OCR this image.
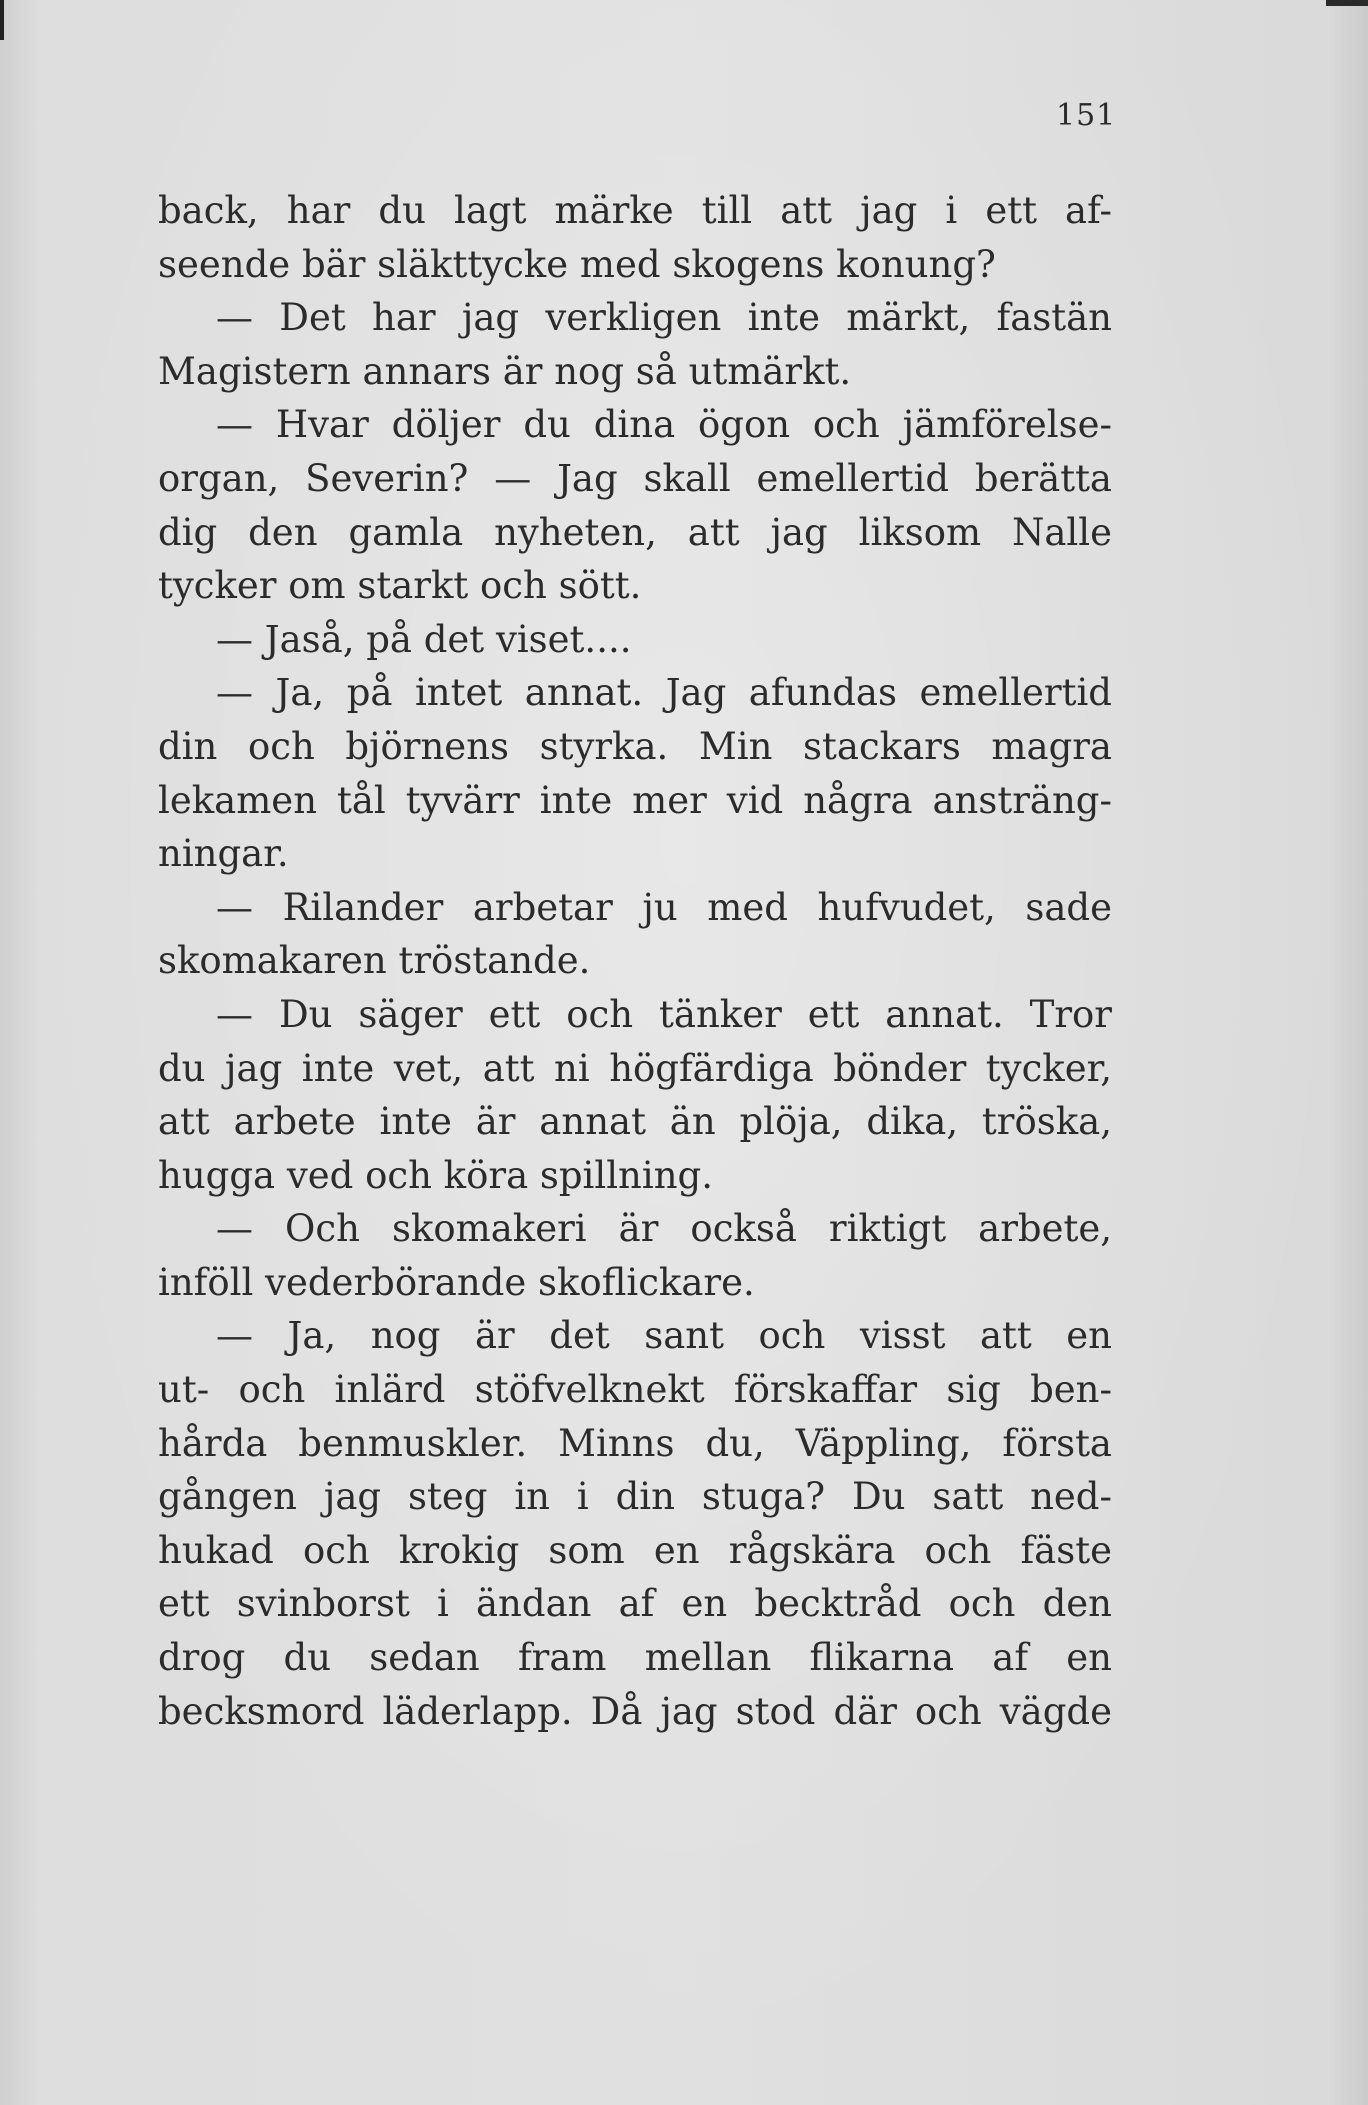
151
back, har du lagt märke till att jag i ett af-
seende bär släkttycke med skogens konung?
— Det har jag verkligen inte märkt, fastän
Magistern annars är nog så utmärkt.
— Hvar döljer du dina ögon och jämförelse-
organ, Severin? — Jag skall emellertid berätta
dig den gamla nyheten, att jag liksom Nalle
tycker om starkt och sött.
— Jaså, på det viset....
— Ja, på intet annat. Jag afundas emellertid
din och björnens styrka. Min stackars magra
lekamen tål tyvärr inte mer vid några ansträng-
ningar.
— Rilander arbetar ju med hufvudet, sade
skomakaren tröstande.
— Du säger ett och tänker ett annat. Tror
du jag inte vet, att ni högfärdiga bönder tycker,
att arbete inte är annat än plöja, dika, tröska,
hugga ved och köra spillning.
— Och skomakeri är också riktigt arbete,
inföll vederbörande skoflickare.
— Ja, nog är det sant och visst att en
ut- och inlärd stöfvelknekt förskaffar sig ben-
hårda benmuskler. Minns du, Väppling, första
gången jag steg in i din stuga? Du satt ned-
hukad och krokig som en rågskära och fäste
ett svinborst i ändan af en becktråd och den
drog du sedan fram mellan flikarna af en
becksmord läderlapp. Då jag stod där och vägde
